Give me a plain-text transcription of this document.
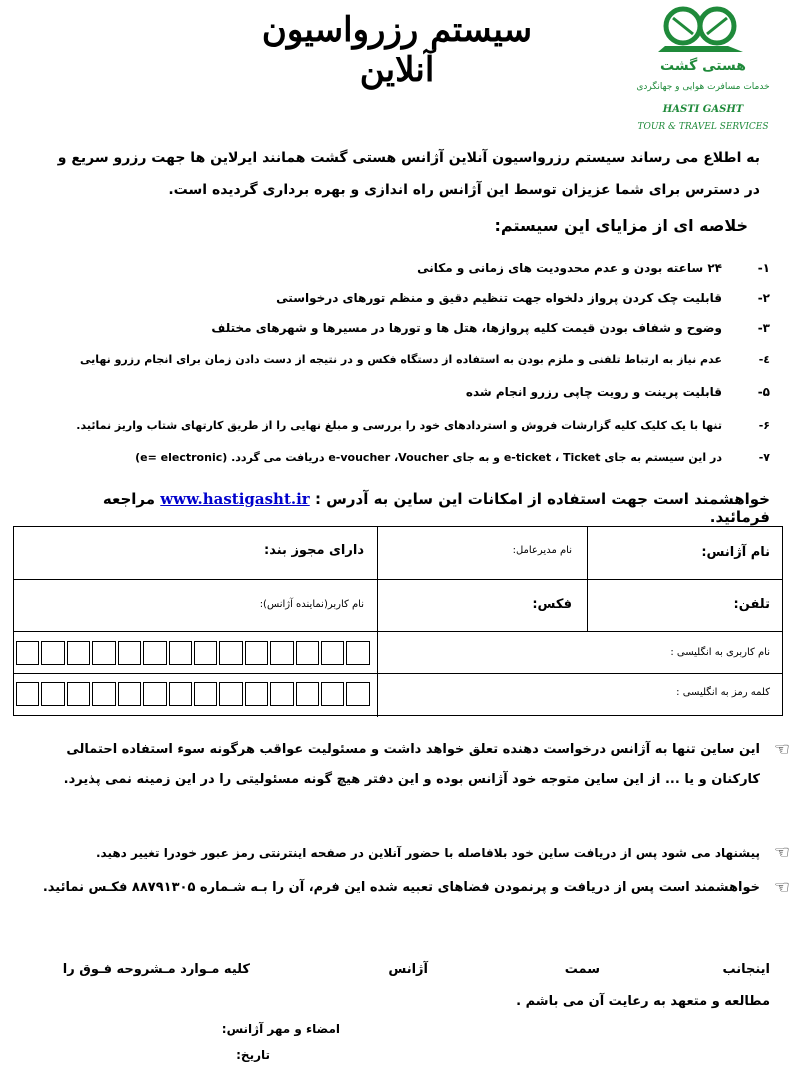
سیستم رزرواسیون آنلاین	هستی گشت
خدمات مسافرت هوایی و جهانگردی
HASTI GASHT
TOUR & TRAVEL SERVICES
به اطلاع می رساند سیستم رزرواسیون آنلاین آژانس هستی گشت همانند ایرلاین ها جهت رزرو سریع و در دسترس برای شما عزیزان توسط این آژانس راه اندازی و بهره برداری گردیده است.
خلاصه ای از مزایای این سیستم:
-۱
۲۴ ساعته بودن و عدم محدودیت های زمانی و مکانی
-۲
قابلیت چک کردن پرواز دلخواه جهت تنظیم دقیق و منظم تورهای درخواستی
-۳
وضوح و شفاف بودن قیمت کلیه پروازها، هتل ها و تورها در مسیرها و شهرهای مختلف
-٤
عدم نیاز به ارتباط تلفنی و ملزم بودن به استفاده از دستگاه فکس و در نتیجه از دست دادن زمان برای انجام رزرو نهایی
-۵
قابلیت پرینت و رویت چاپی رزرو انجام شده
-۶
تنها با یک کلیک کلیه گزارشات فروش و استردادهای خود را بررسی و مبلغ نهایی را از طریق کارتهای شتاب واریز نمائید.
-۷
در این سیستم به جای e-ticket ، Ticket و به جای e-voucher ،Voucher دریافت می گردد. (e= electronic)
خواهشمند است جهت استفاده از امکانات این ساین به آدرس : www.hastigasht.ir مراجعه فرمائید.
نام آژانس:
نام مدیرعامل:
دارای مجوز بند:
تلفن:
فکس:
نام کاربر(نماینده آژانس):
نام کاربری به انگلیسی :
کلمه رمز به انگلیسی :
☜
این ساین تنها به آژانس درخواست دهنده تعلق خواهد داشت و مسئولیت عواقب هرگونه سوء استفاده احتمالی کارکنان و یا ... از این ساین متوجه خود آژانس بوده و این دفتر هیچ گونه مسئولیتی را در این زمینه نمی پذیرد.
☜
پیشنهاد می شود پس از دریافت ساین خود بلافاصله با حضور آنلاین در صفحه اینترنتی رمز عبور خودرا تغییر دهید.
☜
خواهشمند است پس از دریافت و پرنمودن فضاهای تعبیه شده این فرم، آن را بـه شـماره ۸۸۷۹۱۳۰۵ فکـس نمائید.
اینجانب
سمت
آژانس
کلیه مـوارد مـشروحه فـوق را
مطالعه و متعهد به رعایت آن می باشم .
امضاء و مهر آژانس:
تاریخ:
